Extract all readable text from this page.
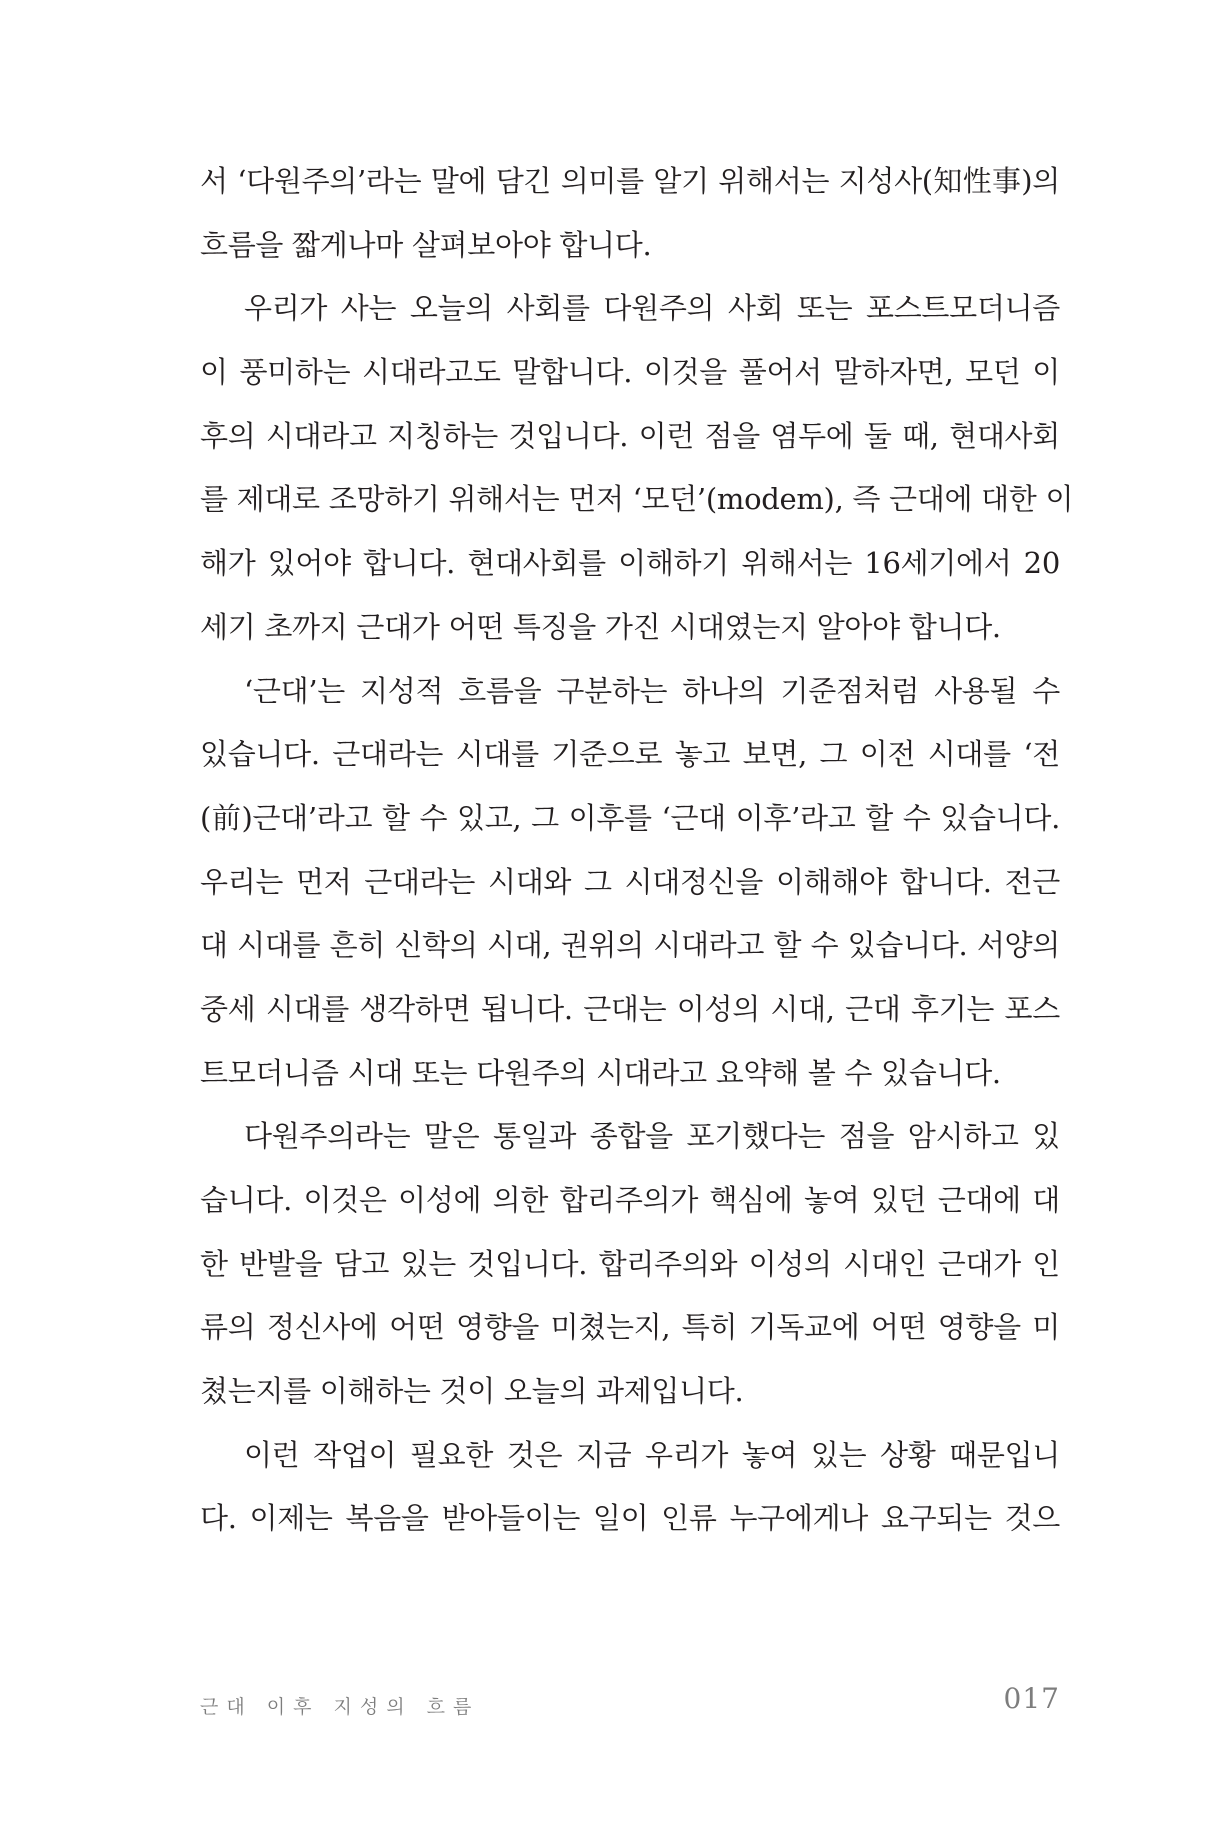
서 ‘다원주의’라는 말에 담긴 의미를 알기 위해서는 지성사(知性事)의
흐름을 짧게나마 살펴보아야 합니다.
우리가 사는 오늘의 사회를 다원주의 사회 또는 포스트모더니즘
이 풍미하는 시대라고도 말합니다. 이것을 풀어서 말하자면, 모던 이
후의 시대라고 지칭하는 것입니다. 이런 점을 염두에 둘 때, 현대사회
를 제대로 조망하기 위해서는 먼저 ‘모던’(modem), 즉 근대에 대한 이
해가 있어야 합니다. 현대사회를 이해하기 위해서는 16세기에서 20
세기 초까지 근대가 어떤 특징을 가진 시대였는지 알아야 합니다.
‘근대’는 지성적 흐름을 구분하는 하나의 기준점처럼 사용될 수
있습니다. 근대라는 시대를 기준으로 놓고 보면, 그 이전 시대를 ‘전
(前)근대’라고 할 수 있고, 그 이후를 ‘근대 이후’라고 할 수 있습니다.
우리는 먼저 근대라는 시대와 그 시대정신을 이해해야 합니다. 전근
대 시대를 흔히 신학의 시대, 권위의 시대라고 할 수 있습니다. 서양의
중세 시대를 생각하면 됩니다. 근대는 이성의 시대, 근대 후기는 포스
트모더니즘 시대 또는 다원주의 시대라고 요약해 볼 수 있습니다.
다원주의라는 말은 통일과 종합을 포기했다는 점을 암시하고 있
습니다. 이것은 이성에 의한 합리주의가 핵심에 놓여 있던 근대에 대
한 반발을 담고 있는 것입니다. 합리주의와 이성의 시대인 근대가 인
류의 정신사에 어떤 영향을 미쳤는지, 특히 기독교에 어떤 영향을 미
쳤는지를 이해하는 것이 오늘의 과제입니다.
이런 작업이 필요한 것은 지금 우리가 놓여 있는 상황 때문입니
다. 이제는 복음을 받아들이는 일이 인류 누구에게나 요구되는 것으
근대 이후 지성의 흐름	017
